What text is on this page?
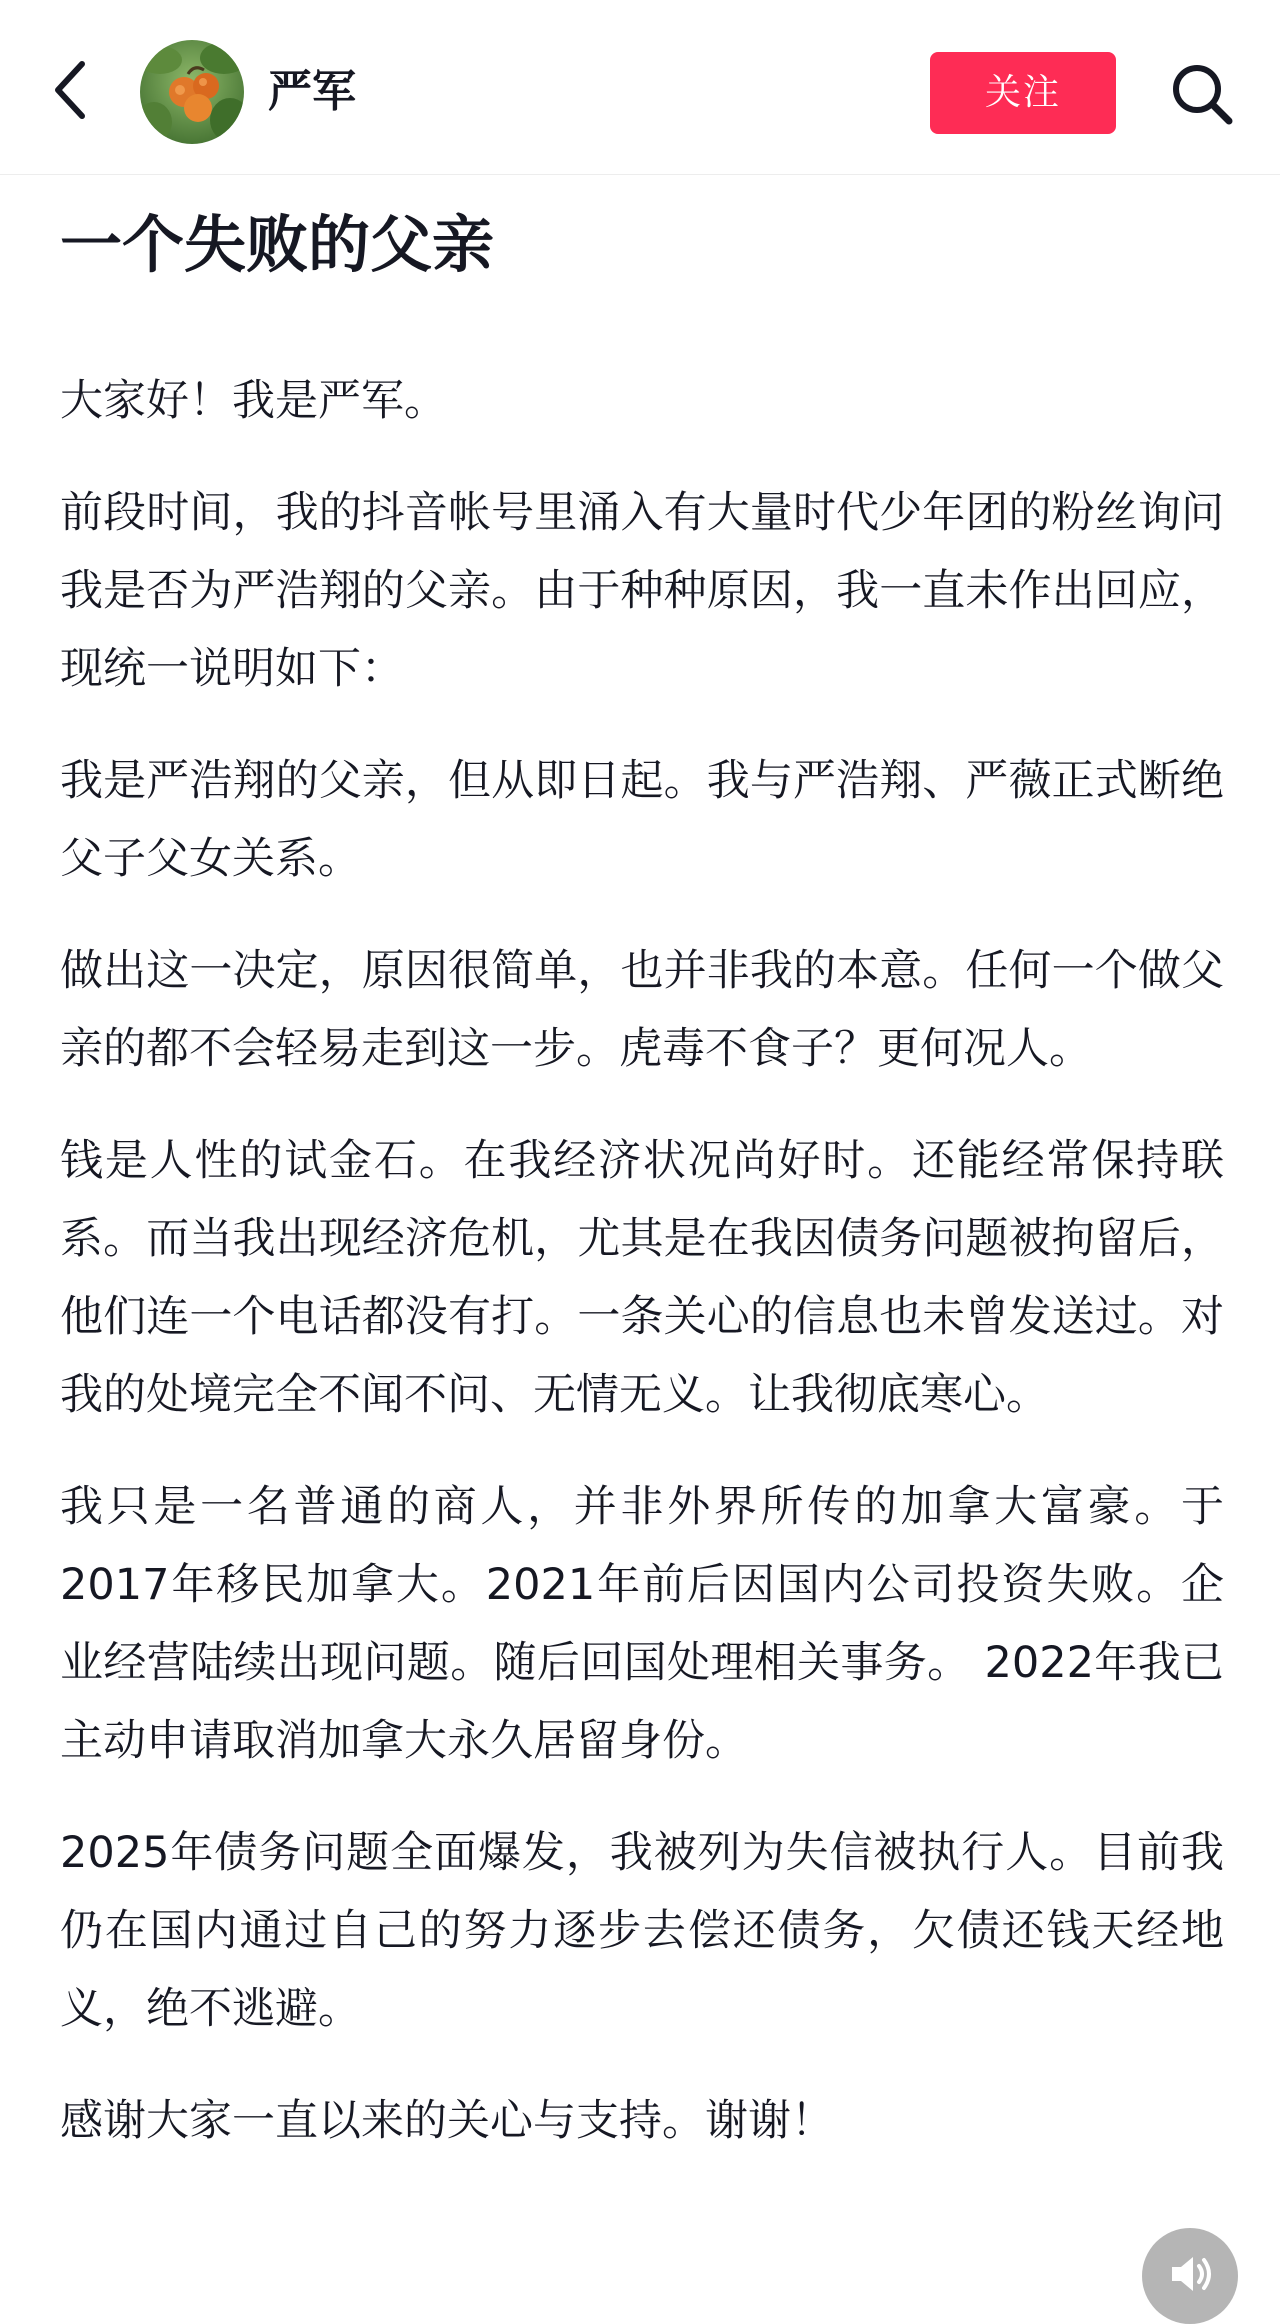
严军	关注
一个失败的父亲

大家好！我是严军。

前段时间，我的抖音帐号里涌入有大量时代少年团的粉丝询问我是否为严浩翔的父亲。由于种种原因，我一直未作出回应，现统一说明如下：

我是严浩翔的父亲，但从即日起。我与严浩翔、严薇正式断绝父子父女关系。

做出这一决定，原因很简单，也并非我的本意。任何一个做父亲的都不会轻易走到这一步。虎毒不食子？更何况人。

钱是人性的试金石。在我经济状况尚好时。还能经常保持联系。而当我出现经济危机，尤其是在我因债务问题被拘留后，他们连一个电话都没有打。一条关心的信息也未曾发送过。对我的处境完全不闻不问、无情无义。让我彻底寒心。

我只是一名普通的商人，并非外界所传的加拿大富豪。于2017年移民加拿大。2021年前后因国内公司投资失败。企业经营陆续出现问题。随后回国处理相关事务。 2022年我已主动申请取消加拿大永久居留身份。

2025年债务问题全面爆发，我被列为失信被执行人。目前我仍在国内通过自己的努力逐步去偿还债务，欠债还钱天经地义，绝不逃避。

感谢大家一直以来的关心与支持。谢谢！
